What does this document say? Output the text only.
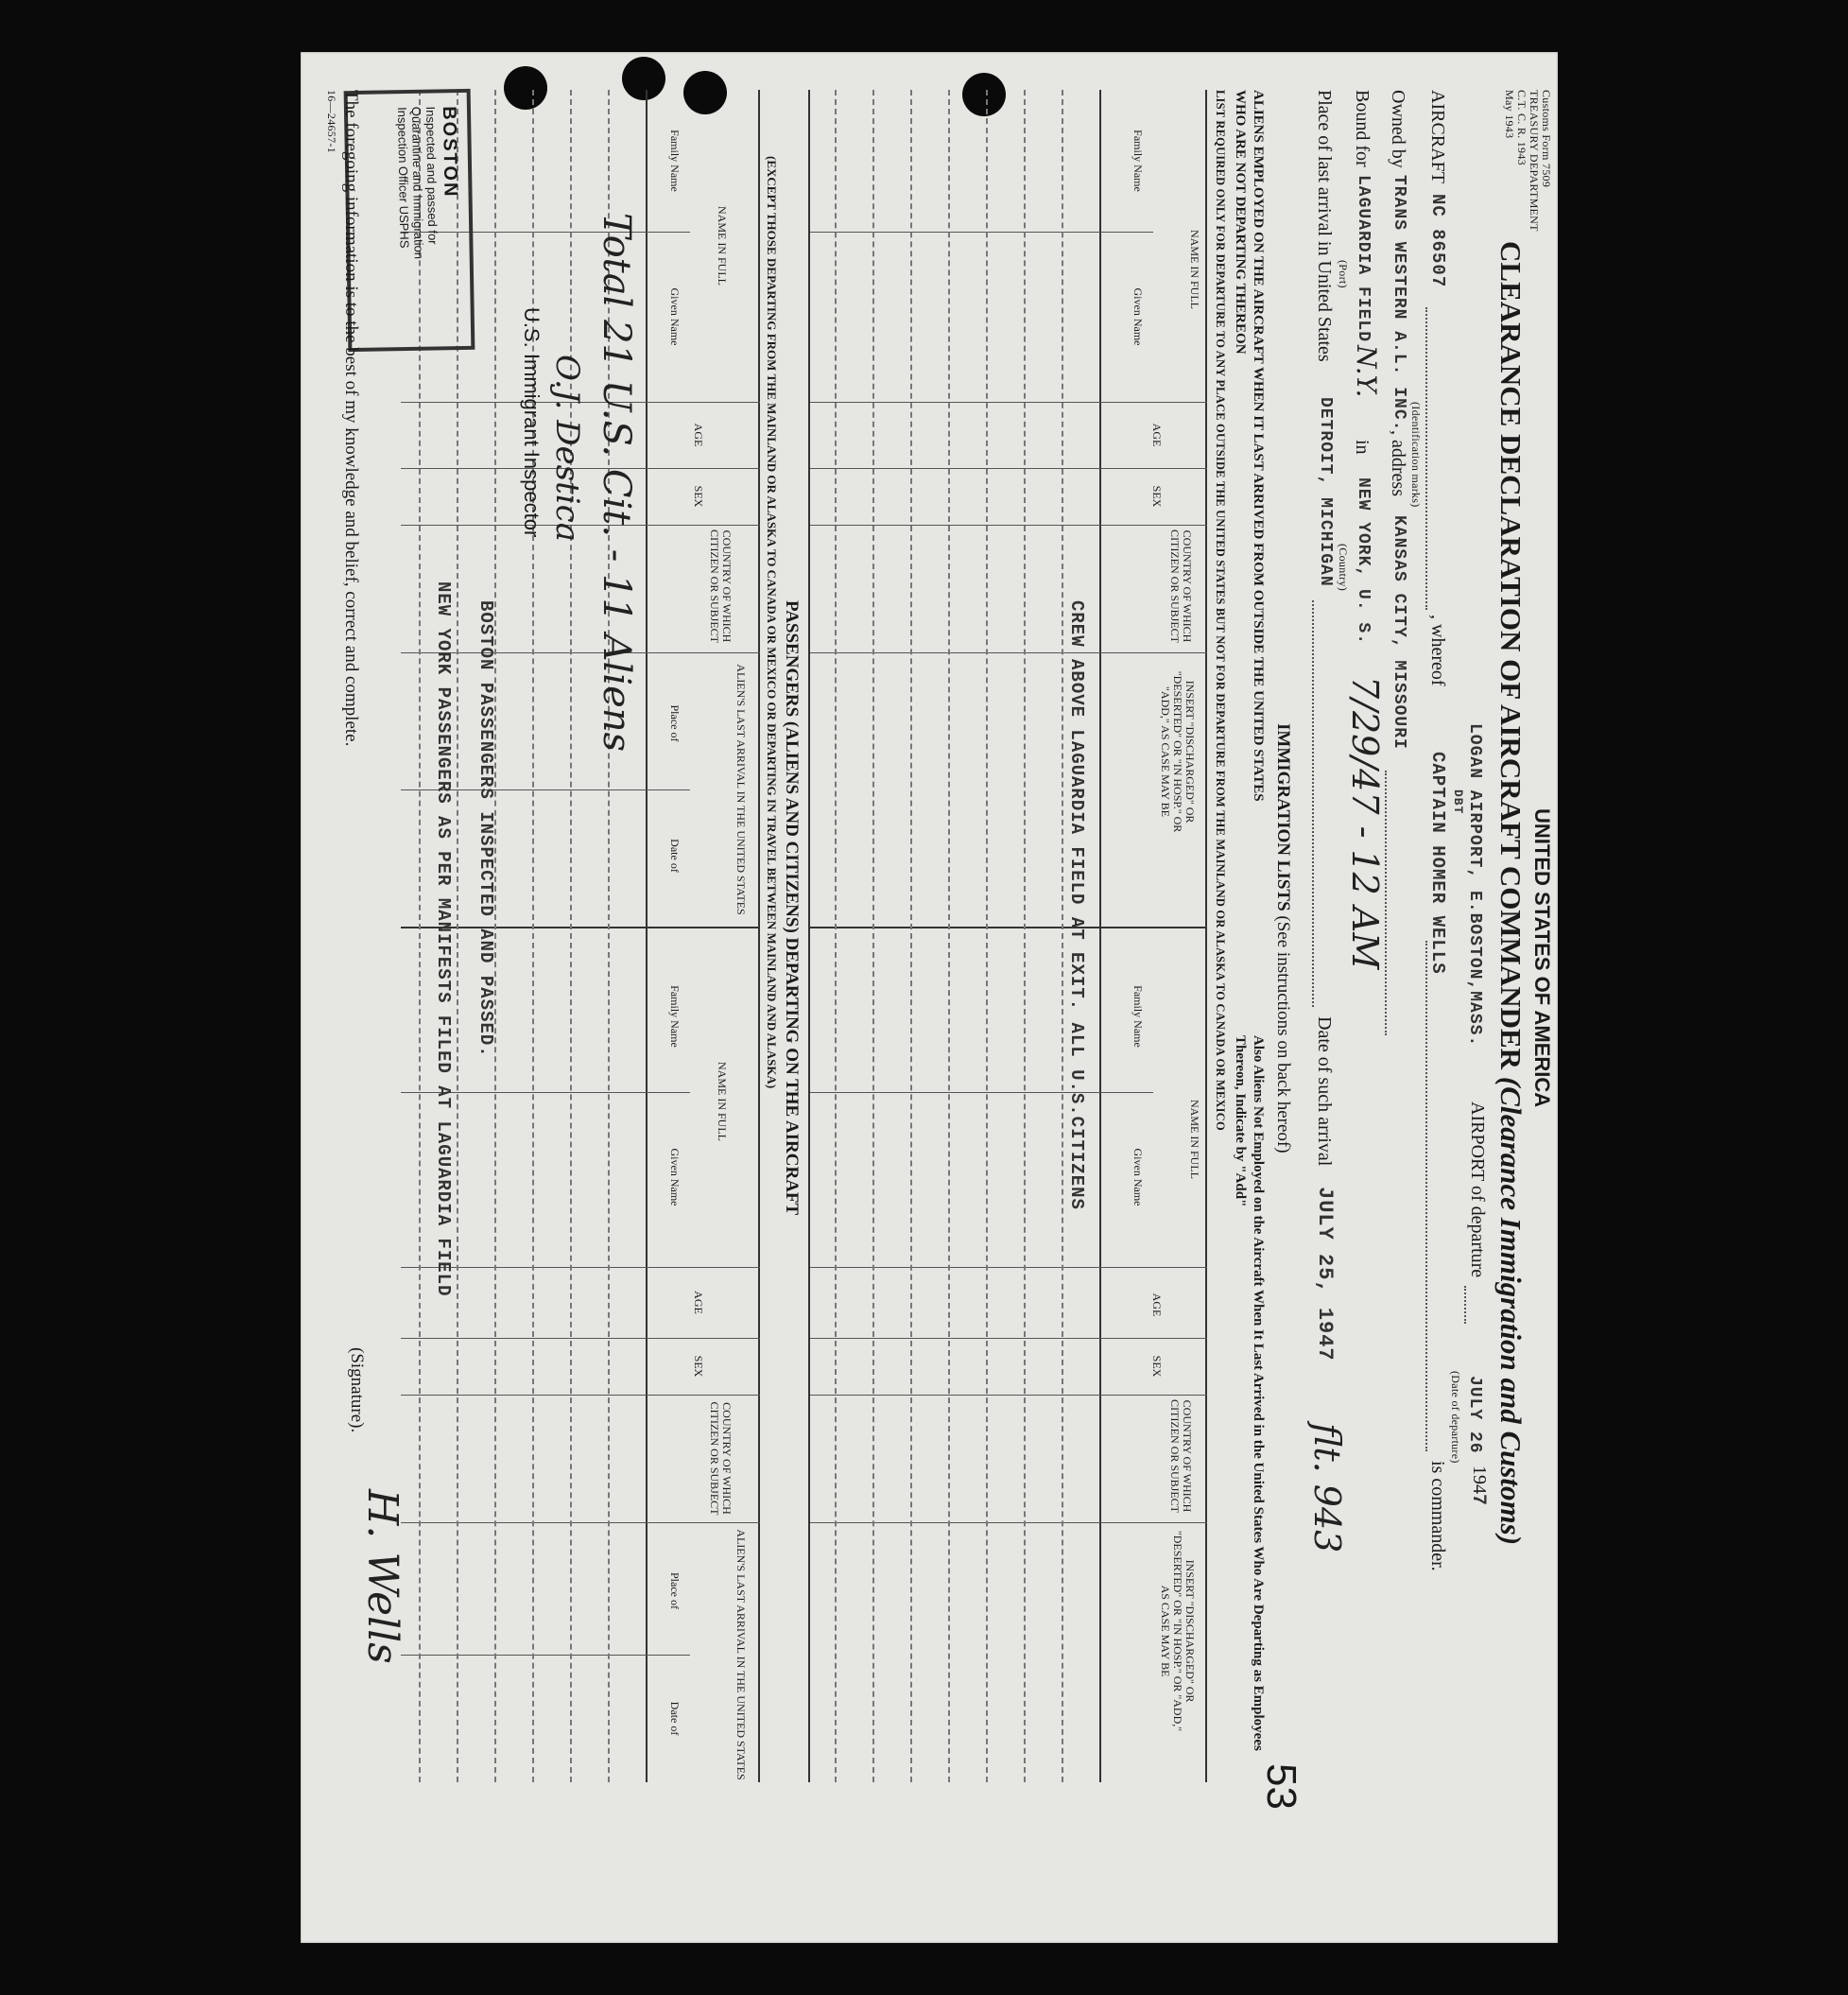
Customs Form 7509
TREASURY DEPARTMENT
C.T. C. R. 1943
May 1943
UNITED STATES OF AMERICA
CLEARANCE DECLARATION OF AIRCRAFT COMMANDER (Clearance Immigration and Customs)
LOGAN AIRPORT, E.BOSTON,MASS.
AIRPORT of departure
JULY 26
1947
(Date of departure)
AIRCRAFT
NC 86507
(Identification marks)
, whereof
DBT
CAPTAIN HOMER WELLS
is commander.
Owned by
TRANS WESTERN A.L. INC.
, address
KANSAS CITY, MISSOURI
Bound for
LAGUARDIA FIELD
N.Y.
(Port)
in
NEW YORK, U. S.
(Country)
7/29/47 - 12 AM
Place of last arrival in United States
DETROIT, MICHIGAN
Date of such arrival
JULY 25, 1947
flt. 943
53
IMMIGRATION LISTS (See instructions on back hereof)
ALIENS EMPLOYED ON THE AIRCRAFT WHEN IT LAST ARRIVED FROM OUTSIDE THE UNITED STATES WHO ARE NOT DEPARTING THEREON
Also Aliens Not Employed on the Aircraft When It Last Arrived in the United States Who Are Departing as Employees Thereon, Indicate by "Add"
LIST REQUIRED ONLY FOR DEPARTURE TO ANY PLACE OUTSIDE THE UNITED STATES BUT NOT FOR DEPARTURE FROM THE MAINLAND OR ALASKA TO CANADA OR MEXICO
NAME IN FULL
Family Name
Given Name
AGE
SEX
COUNTRY OF WHICH CITIZEN OR SUBJECT
INSERT "DISCHARGED" OR "DESERTED" OR "IN HOSP." OR "ADD," AS CASE MAY BE
NAME IN FULL
Family Name
Given Name
AGE
SEX
COUNTRY OF WHICH CITIZEN OR SUBJECT
INSERT "DISCHARGED" OR "DESERTED" OR "IN HOSP." OR "ADD," AS CASE MAY BE
CREW ABOVE LAGUARDIA FIELD AT EXIT. ALL U.S.CITIZENS
PASSENGERS (ALIENS AND CITIZENS) DEPARTING ON THE AIRCRAFT
(EXCEPT THOSE DEPARTING FROM THE MAINLAND OR ALASKA TO CANADA OR MEXICO OR DEPARTING IN TRAVEL BETWEEN MAINLAND AND ALASKA)
NAME IN FULL
Family Name
Given Name
AGE
SEX
COUNTRY OF WHICH CITIZEN OR SUBJECT
ALIEN'S LAST ARRIVAL IN THE UNITED STATES
Place of
Date of
NAME IN FULL
Family Name
Given Name
AGE
SEX
COUNTRY OF WHICH CITIZEN OR SUBJECT
ALIEN'S LAST ARRIVAL IN THE UNITED STATES
Place of
Date of
Total 21 U.S. Cit. - 11 Aliens
O.J. Destica
U.S. Immigrant Inspector
BOSTON PASSENGERS INSPECTED AND PASSED.
NEW YORK PASSENGERS AS PER MANIFESTS FILED AT LAGUARDIA FIELD
BOSTON
Inspected and passed for
Quarantine and Immigration
Inspection Officer USPHS
The foregoing information is to the best of my knowledge and belief, correct and complete.
16—24657-1
(Signature).
H. Wells
